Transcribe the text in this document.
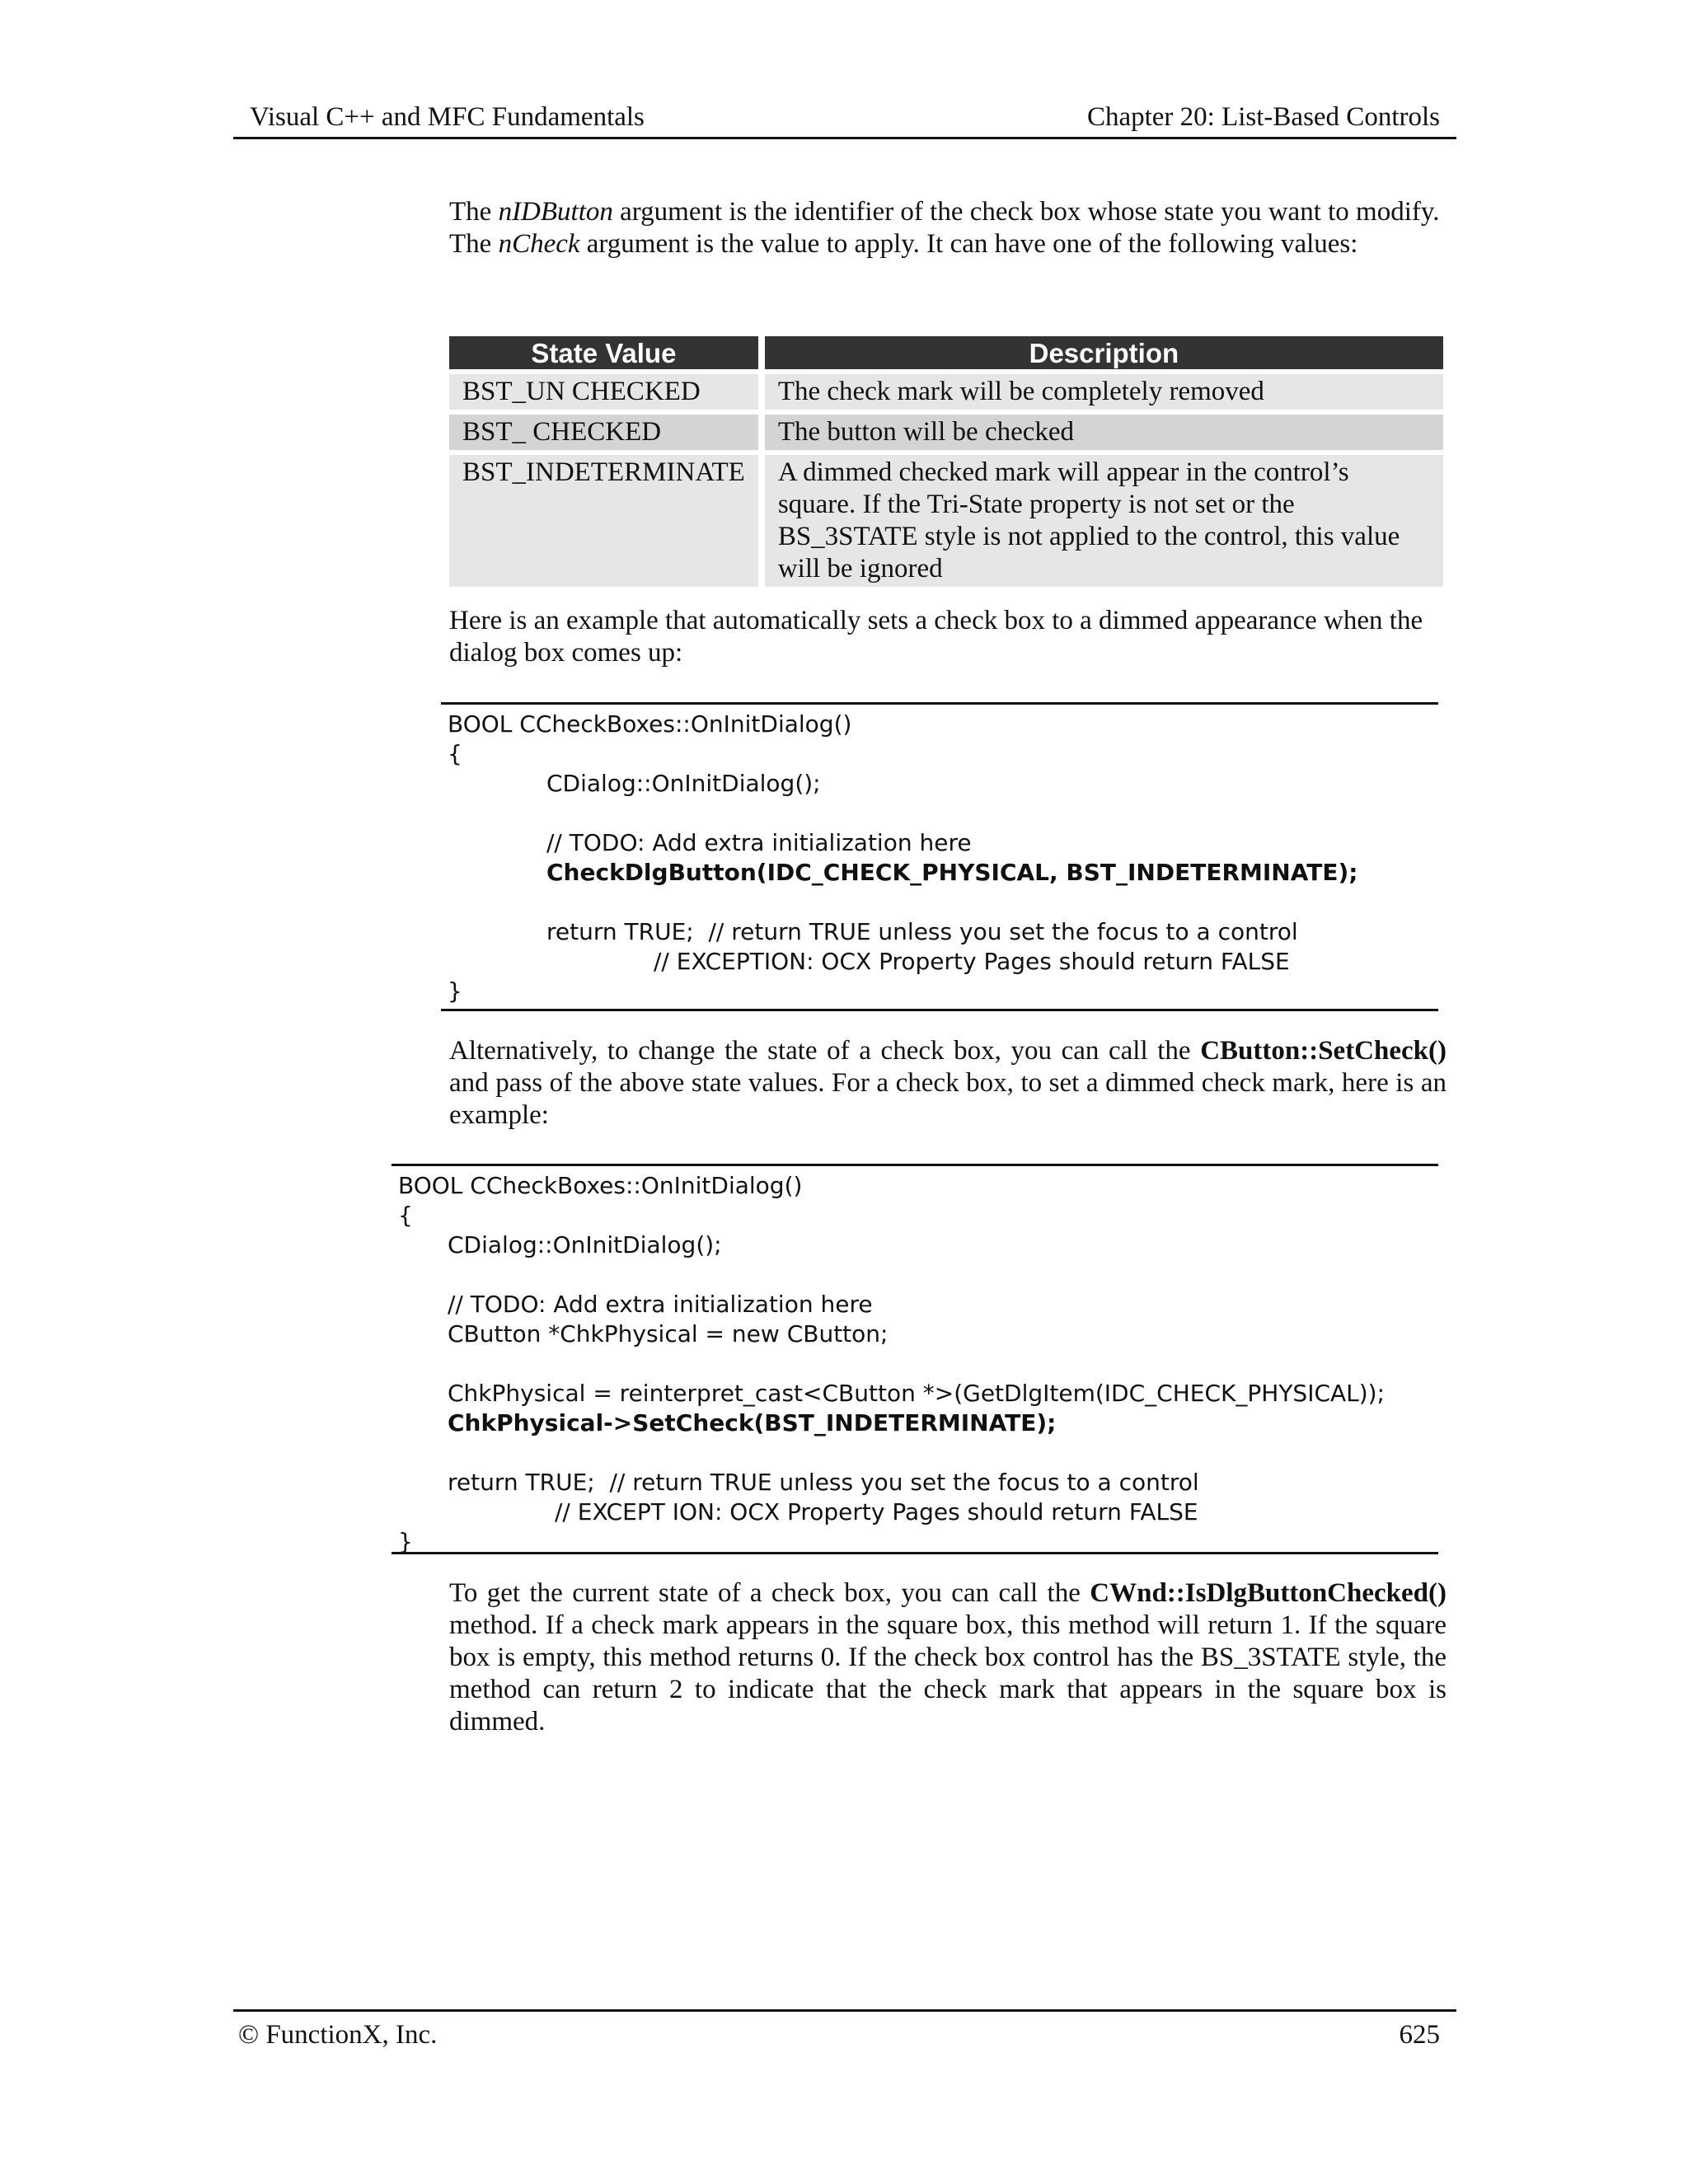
Visual C++ and MFC Fundamentals	Chapter 20: List-Based Controls
The nIDButton argument is the identifier of the check box whose state you want to modify. The nCheck argument is the value to apply. It can have one of the following values:
State Value	Description
BST_UN CHECKED	The check mark will be completely removed
BST_ CHECKED	The button will be checked
BST_INDETERMINATE	A dimmed checked mark will appear in the control’s square. If the Tri-State property is not set or the BS_3STATE style is not applied to the control, this value will be ignored
Here is an example that automatically sets a check box to a dimmed appearance when the dialog box comes up:
BOOL CCheckBoxes::OnInitDialog()
{
CDialog::OnInitDialog();
// TODO: Add extra initialization here
CheckDlgButton(IDC_CHECK_PHYSICAL, BST_INDETERMINATE);
return TRUE;  // return TRUE unless you set the focus to a control
// EXCEPTION: OCX Property Pages should return FALSE
}
Alternatively, to change the state of a check box, you can call the CButton::SetCheck() and pass of the above state values. For a check box, to set a dimmed check mark, here is an example:
BOOL CCheckBoxes::OnInitDialog()
{
CDialog::OnInitDialog();
// TODO: Add extra initialization here
CButton *ChkPhysical = new CButton;
ChkPhysical = reinterpret_cast<CButton *>(GetDlgItem(IDC_CHECK_PHYSICAL));
ChkPhysical->SetCheck(BST_INDETERMINATE);
return TRUE;  // return TRUE unless you set the focus to a control
// EXCEPT ION: OCX Property Pages should return FALSE
}
To get the current state of a check box, you can call the CWnd::IsDlgButtonChecked() method. If a check mark appears in the square box, this method will return 1. If the square box is empty, this method returns 0. If the check box control has the BS_3STATE style, the method can return 2 to indicate that the check mark that appears in the square box is dimmed.
© FunctionX, Inc.	625
